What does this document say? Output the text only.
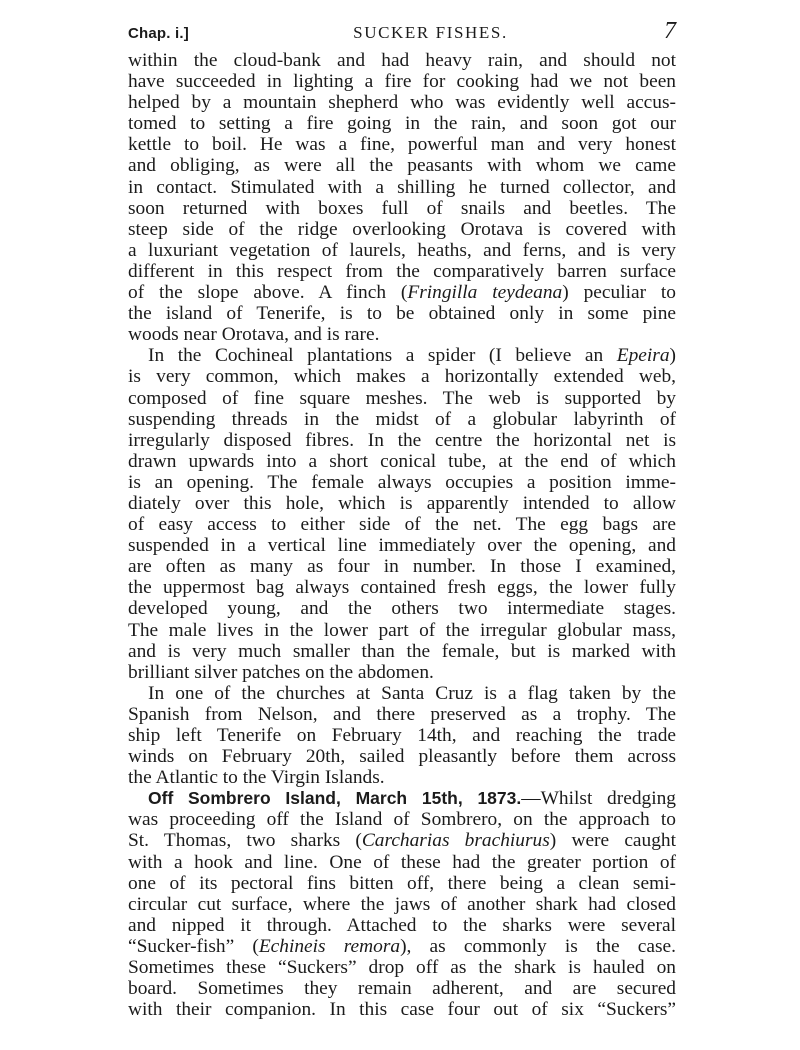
Chap. i.]	SUCKER FISHES.	7

within the cloud-bank and had heavy rain, and should not
have succeeded in lighting a fire for cooking had we not been
helped by a mountain shepherd who was evidently well accus-
tomed to setting a fire going in the rain, and soon got our
kettle to boil. He was a fine, powerful man and very honest
and obliging, as were all the peasants with whom we came
in contact. Stimulated with a shilling he turned collector, and
soon returned with boxes full of snails and beetles. The
steep side of the ridge overlooking Orotava is covered with
a luxuriant vegetation of laurels, heaths, and ferns, and is very
different in this respect from the comparatively barren surface
of the slope above. A finch (Fringilla teydeana) peculiar to
the island of Tenerife, is to be obtained only in some pine
woods near Orotava, and is rare.

In the Cochineal plantations a spider (I believe an Epeira)
is very common, which makes a horizontally extended web,
composed of fine square meshes. The web is supported by
suspending threads in the midst of a globular labyrinth of
irregularly disposed fibres. In the centre the horizontal net is
drawn upwards into a short conical tube, at the end of which
is an opening. The female always occupies a position imme-
diately over this hole, which is apparently intended to allow
of easy access to either side of the net. The egg bags are
suspended in a vertical line immediately over the opening, and
are often as many as four in number. In those I examined,
the uppermost bag always contained fresh eggs, the lower fully
developed young, and the others two intermediate stages.
The male lives in the lower part of the irregular globular mass,
and is very much smaller than the female, but is marked with
brilliant silver patches on the abdomen.

In one of the churches at Santa Cruz is a flag taken by the
Spanish from Nelson, and there preserved as a trophy. The
ship left Tenerife on February 14th, and reaching the trade
winds on February 20th, sailed pleasantly before them across
the Atlantic to the Virgin Islands.

Off Sombrero Island, March 15th, 1873.—Whilst dredging
was proceeding off the Island of Sombrero, on the approach to
St. Thomas, two sharks (Carcharias brachiurus) were caught
with a hook and line. One of these had the greater portion of
one of its pectoral fins bitten off, there being a clean semi-
circular cut surface, where the jaws of another shark had closed
and nipped it through. Attached to the sharks were several
“Sucker-fish” (Echineis remora), as commonly is the case.
Sometimes these “Suckers” drop off as the shark is hauled on
board. Sometimes they remain adherent, and are secured
with their companion. In this case four out of six “Suckers”
